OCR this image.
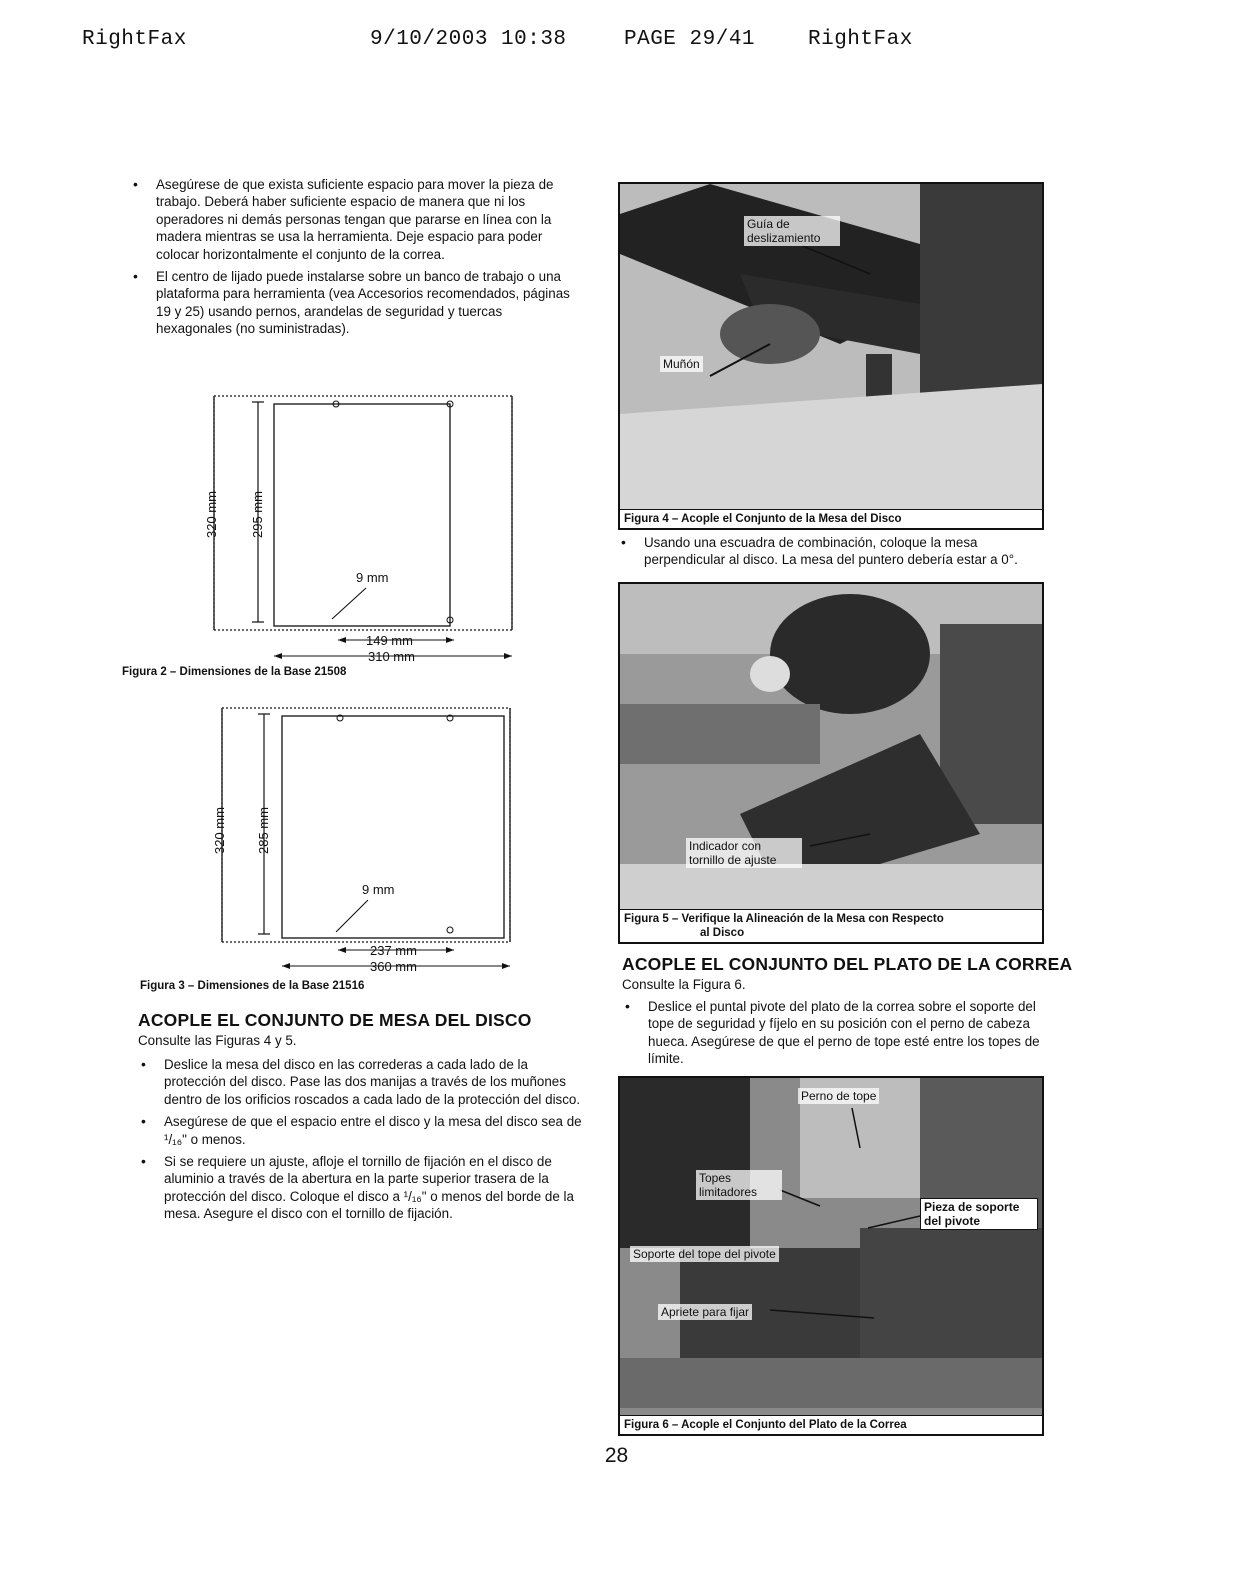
RightFax	9/10/2003 10:38	PAGE 29/41	RightFax
• Asegúrese de que exista suficiente espacio para mover la pieza de trabajo. Deberá haber suficiente espacio de manera que ni los operadores ni demás personas tengan que pararse en línea con la madera mientras se usa la herramienta. Deje espacio para poder colocar horizontalmente el conjunto de la correa.
• El centro de lijado puede instalarse sobre un banco de trabajo o una plataforma para herramienta (vea Accesorios recomendados, páginas 19 y 25) usando pernos, arandelas de seguridad y tuercas hexagonales (no suministradas).
320 mm 295 mm
9 mm
149 mm
310 mm
Figura 2 – Dimensiones de la Base 21508
320 mm 285 mm
9 mm
237 mm
360 mm
Figura 3 – Dimensiones de la Base 21516
ACOPLE EL CONJUNTO DE MESA DEL DISCO

Consulte las Figuras 4 y 5.

• Deslice la mesa del disco en las correderas a cada lado de la protección del disco. Pase las dos manijas a través de los muñones dentro de los orificios roscados a cada lado de la protección del disco.
• Asegúrese de que el espacio entre el disco y la mesa del disco sea de ¹/₁₆" o menos.
• Si se requiere un ajuste, afloje el tornillo de fijación en el disco de aluminio a través de la abertura en la parte superior trasera de la protección del disco. Coloque el disco a ¹/₁₆" o menos del borde de la mesa. Asegure el disco con el tornillo de fijación.
Guía de deslizamiento
Muñón
Figura 4 – Acople el Conjunto de la Mesa del Disco
• Usando una escuadra de combinación, coloque la mesa perpendicular al disco. La mesa del puntero debería estar a 0°.
Indicador con tornillo de ajuste
Figura 5 – Verifique la Alineación de la Mesa con Respecto
al Disco
ACOPLE EL CONJUNTO DEL PLATO DE LA CORREA

Consulte la Figura 6.

• Deslice el puntal pivote del plato de la correa sobre el soporte del tope de seguridad y fíjelo en su posición con el perno de cabeza hueca. Asegúrese de que el perno de tope esté entre los topes de límite.
Perno de tope
Topes limitadores
Pieza de soporte del pivote
Soporte del tope del pivote
Apriete para fijar
Figura 6 – Acople el Conjunto del Plato de la Correa
28
